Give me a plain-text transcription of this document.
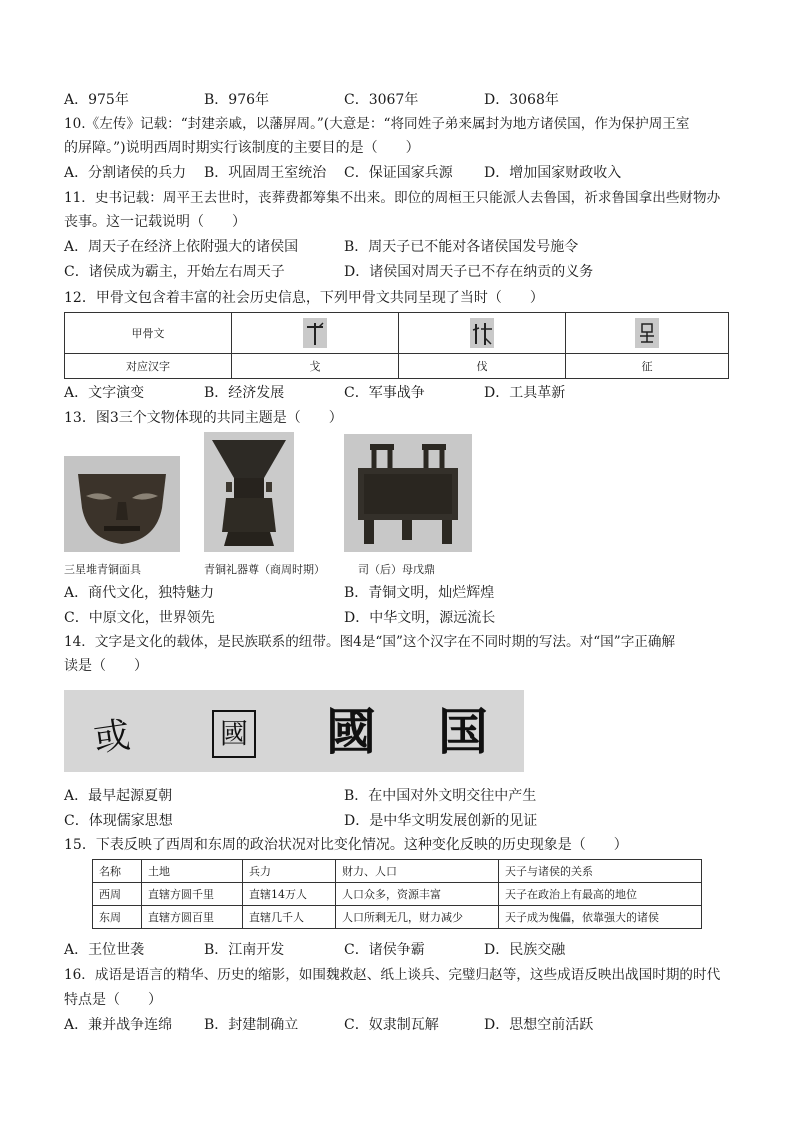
A．975年	B．976年	C．3067年	D．3068年
10.《左传》记载：“封建亲戚，以藩屏周。”(大意是：“将同姓子弟来属封为地方诸侯国，作为保护周王室
的屏障。”)说明西周时期实行该制度的主要目的是（　　）
A．分割诸侯的兵力 B．巩固周王室统治 C．保证国家兵源 D．增加国家财政收入
11．史书记载：周平王去世时，丧葬费都筹集不出来。即位的周桓王只能派人去鲁国，祈求鲁国拿出些财物办
丧事。这一记载说明（　　）
A．周天子在经济上依附强大的诸侯国	B．周天子已不能对各诸侯国发号施令
C．诸侯成为霸主，开始左右周天子	D．诸侯国对周天子已不存在纳贡的义务
12．甲骨文包含着丰富的社会历史信息，下列甲骨文共同呈现了当时（　　）
甲骨文			
对应汉字	戈	伐	征
A．文字演变	B．经济发展	C．军事战争	D．工具革新
13．图3三个文物体现的共同主题是（　　）
三星堆青铜面具	青铜礼器尊（商周时期）	司（后）母戊鼎
A．商代文化，独特魅力	B．青铜文明，灿烂辉煌
C．中原文化，世界领先	D．中华文明，源远流长
14．文字是文化的载体，是民族联系的纽带。图4是“国”这个汉字在不同时期的写法。对“国”字正确解
读是（　　）
或	國 國 国
A．最早起源夏朝	B．在中国对外文明交往中产生
C．体现儒家思想	D．是中华文明发展创新的见证
15．下表反映了西周和东周的政治状况对比变化情况。这种变化反映的历史现象是（　　）
名称	土地	兵力	财力、人口	天子与诸侯的关系
西周	直辖方圆千里	直辖14万人	人口众多，资源丰富	天子在政治上有最高的地位
东周	直辖方圆百里	直辖几千人	人口所剩无几，财力减少	天子成为傀儡，依靠强大的诸侯
A．王位世袭	B．江南开发	C．诸侯争霸	D．民族交融
16．成语是语言的精华、历史的缩影，如围魏救赵、纸上谈兵、完璧归赵等，这些成语反映出战国时期的时代
特点是（　　）
A．兼并战争连绵 B．封建制确立	C．奴隶制瓦解	D．思想空前活跃
